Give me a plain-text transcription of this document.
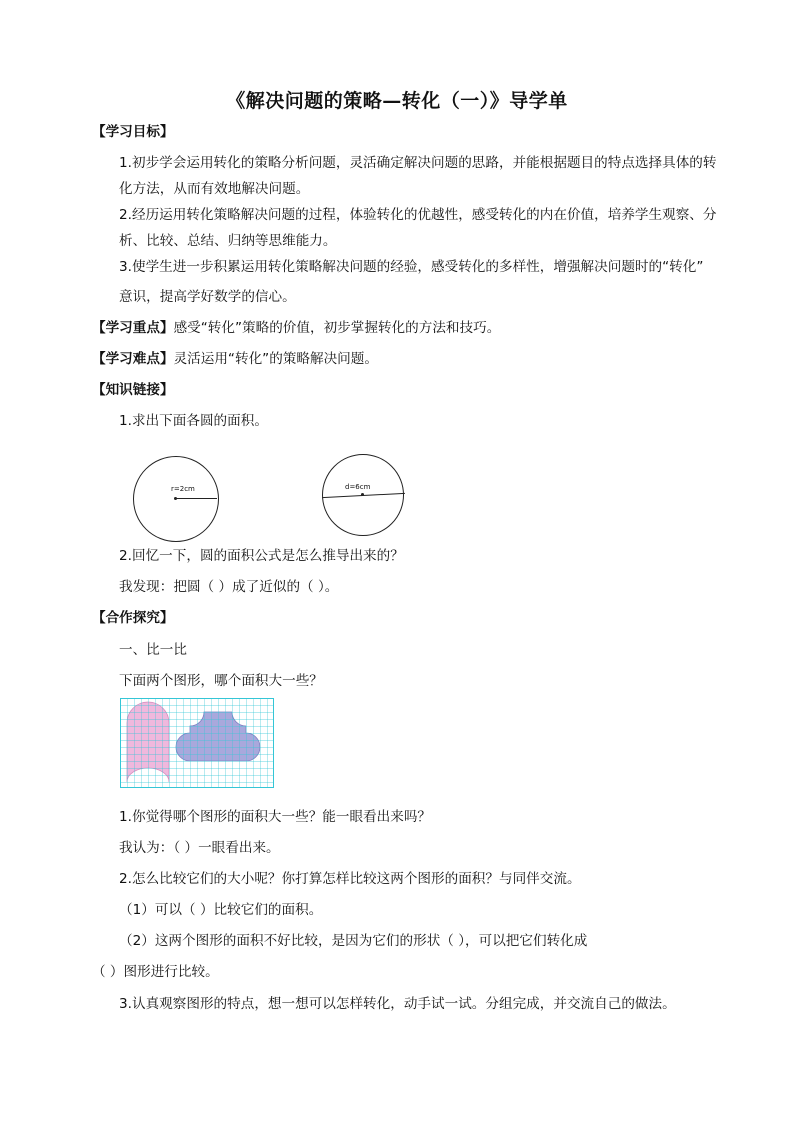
《解决问题的策略—转化（一）》导学单
【学习目标】
1.初步学会运用转化的策略分析问题，灵活确定解决问题的思路，并能根据题目的特点选择具体的转
化方法，从而有效地解决问题。
2.经历运用转化策略解决问题的过程，体验转化的优越性，感受转化的内在价值，培养学生观察、分
析、比较、总结、归纳等思维能力。
3.使学生进一步积累运用转化策略解决问题的经验，感受转化的多样性，增强解决问题时的“转化”
意识，提高学好数学的信心。
【学习重点】感受“转化”策略的价值，初步掌握转化的方法和技巧。
【学习难点】灵活运用“转化”的策略解决问题。
【知识链接】
1.求出下面各圆的面积。
r=2cm	d=6cm
2.回忆一下，圆的面积公式是怎么推导出来的？
我发现：把圆（ ）成了近似的（ ）。
【合作探究】
一、比一比
下面两个图形，哪个面积大一些？
1.你觉得哪个图形的面积大一些？能一眼看出来吗？
我认为：（ ）一眼看出来。
2.怎么比较它们的大小呢？你打算怎样比较这两个图形的面积？与同伴交流。
（1）可以（ ）比较它们的面积。
（2）这两个图形的面积不好比较，是因为它们的形状（ ），可以把它们转化成
（ ）图形进行比较。
3.认真观察图形的特点，想一想可以怎样转化，动手试一试。分组完成，并交流自己的做法。
